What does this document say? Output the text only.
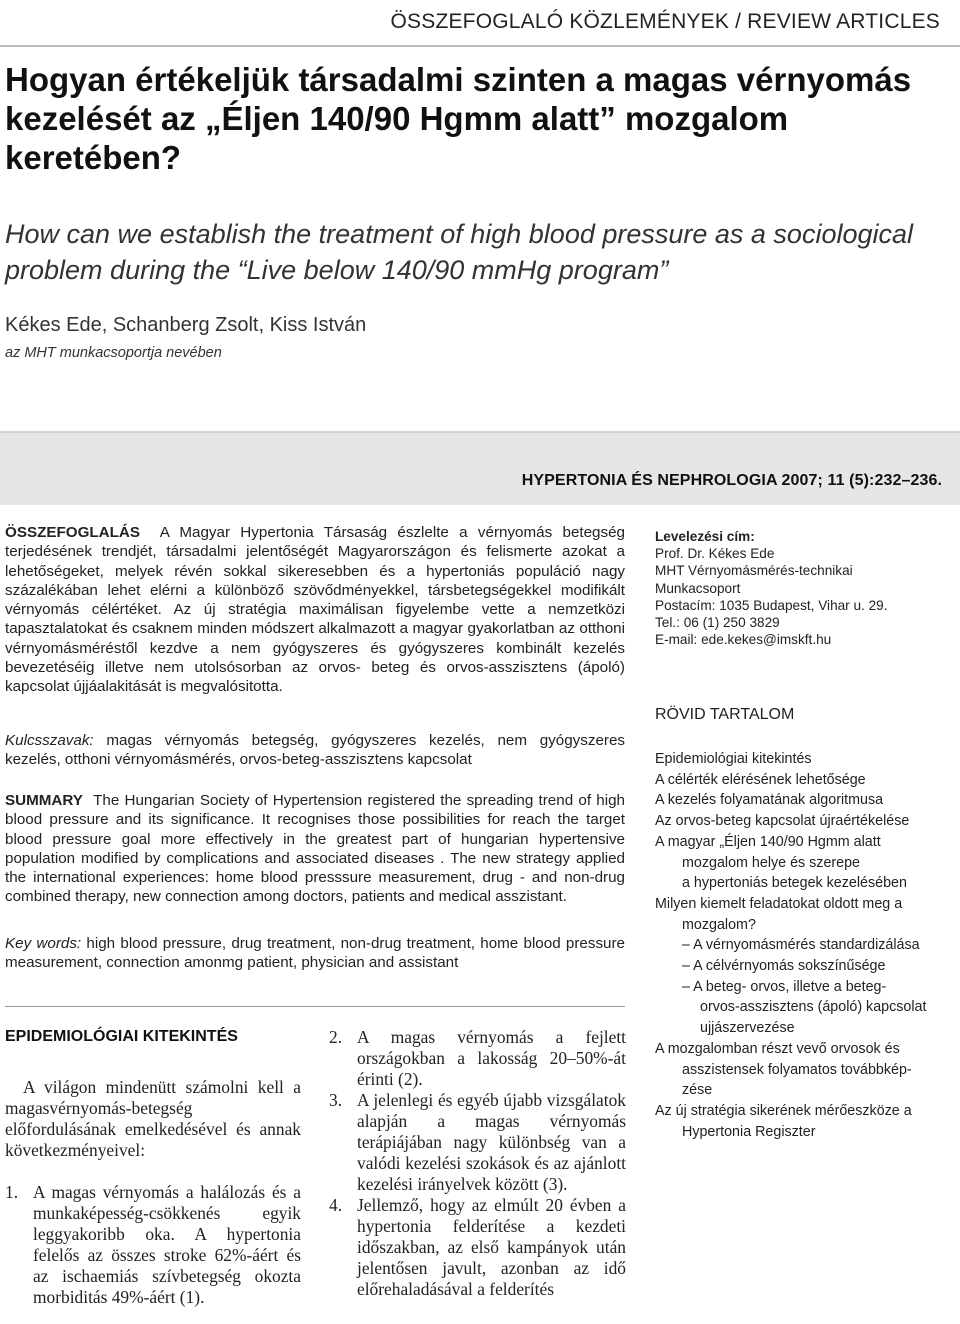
ÖSSZEFOGLALÓ KÖZLEMÉNYEK / REVIEW ARTICLES
Hogyan értékeljük társadalmi szinten a magas vérnyomás kezelését az „Éljen 140/90 Hgmm alatt” mozgalom keretében?
How can we establish the treatment of high blood pressure as a sociological problem during the “Live below 140/90 mmHg program”
Kékes Ede, Schanberg Zsolt, Kiss István
az MHT munkacsoportja nevében
HYPERTONIA ÉS NEPHROLOGIA 2007; 11 (5):232–236.

ÖSSZEFOGLALÁS A Magyar Hypertonia Társaság észlelte a vérnyomás betegség terjedésének trendjét, társadalmi jelentőségét Magyarországon és felismerte azokat a lehetőségeket, melyek révén sokkal sikeresebben és a hypertoniás populáció nagy százalékában lehet elérni a különböző szövődményekkel, társbetegségekkel modifikált vérnyomás célértéket. Az új stratégia maximálisan figyelembe vette a nemzetközi tapasztalatokat és csaknem minden módszert alkalmazott a magyar gyakorlatban az otthoni vérnyomásméréstől kezdve a nem gyógyszeres és gyógyszeres kombinált kezelés bevezetéséig illetve nem utolsósorban az orvos- beteg és orvos-asszisztens (ápoló) kapcsolat újjáalakitását is megvalósitotta.

Kulcsszavak: magas vérnyomás betegség, gyógyszeres kezelés, nem gyógyszeres kezelés, otthoni vérnyomásmérés, orvos-beteg-asszisztens kapcsolat

SUMMARY The Hungarian Society of Hypertension registered the spreading trend of high blood pressure and its significance. It recognises those possibilities for reach the target blood pressure goal more effectively in the greatest part of hungarian hypertensive population modified by complications and associated diseases . The new strategy applied the international experiences: home blood presssure measurement, drug - and non-drug combined therapy, new connection among doctors, patients and medical asszistant.

Key words: high blood pressure, drug treatment, non-drug treatment, home blood pressure measurement, connection amonmg patient, physician and assistant

Levelezési cím:
Prof. Dr. Kékes Ede
MHT Vérnyomásmérés-technikai
Munkacsoport
Postacím: 1035 Budapest, Vihar u. 29.
Tel.: 06 (1) 250 3829
E-mail: ede.kekes@imskft.hu
RÖVID TARTALOM
Epidemiológiai kitekintés
A célérték elérésének lehetősége
A kezelés folyamatának algoritmusa
Az orvos-beteg kapcsolat újraértékelése
A magyar „Éljen 140/90 Hgmm alatt
mozgalom helye és szerepe
a hypertoniás betegek kezelésében
Milyen kiemelt feladatokat oldott meg a
mozgalom?
– A vérnyomásmérés standardizálása
– A célvérnyomás sokszínűsége
– A beteg- orvos, illetve a beteg-
orvos-asszisztens (ápoló) kapcsolat
ujjászervezése
A mozgalomban részt vevő orvosok és
asszistensek folyamatos továbbkép-
zése
Az új stratégia sikerének mérőeszköze a
Hypertonia Regiszter
EPIDEMIOLÓGIAI KITEKINTÉS

A világon mindenütt számolni kell a magasvérnyomás-betegség előfordulásának emelkedésével és annak következményeivel:

1. A magas vérnyomás a halálozás és a munkaképesség-csökkenés egyik leggyakoribb oka. A hypertonia felelős az összes stroke 62%-áért és az ischaemiás szívbetegség okozta morbiditás 49%-áért (1).
2. A magas vérnyomás a fejlett országokban a lakosság 20–50%-át érinti (2).
3. A jelenlegi és egyéb újabb vizsgálatok alapján a magas vérnyomás terápiájában nagy különbség van a valódi kezelési szokások és az ajánlott kezelési irányelvek között (3).
4. Jellemző, hogy az elmúlt 20 évben a hypertonia felderítése a kezdeti időszakban, az első kampányok után jelentősen javult, azonban az idő előrehaladásával a felderítés
